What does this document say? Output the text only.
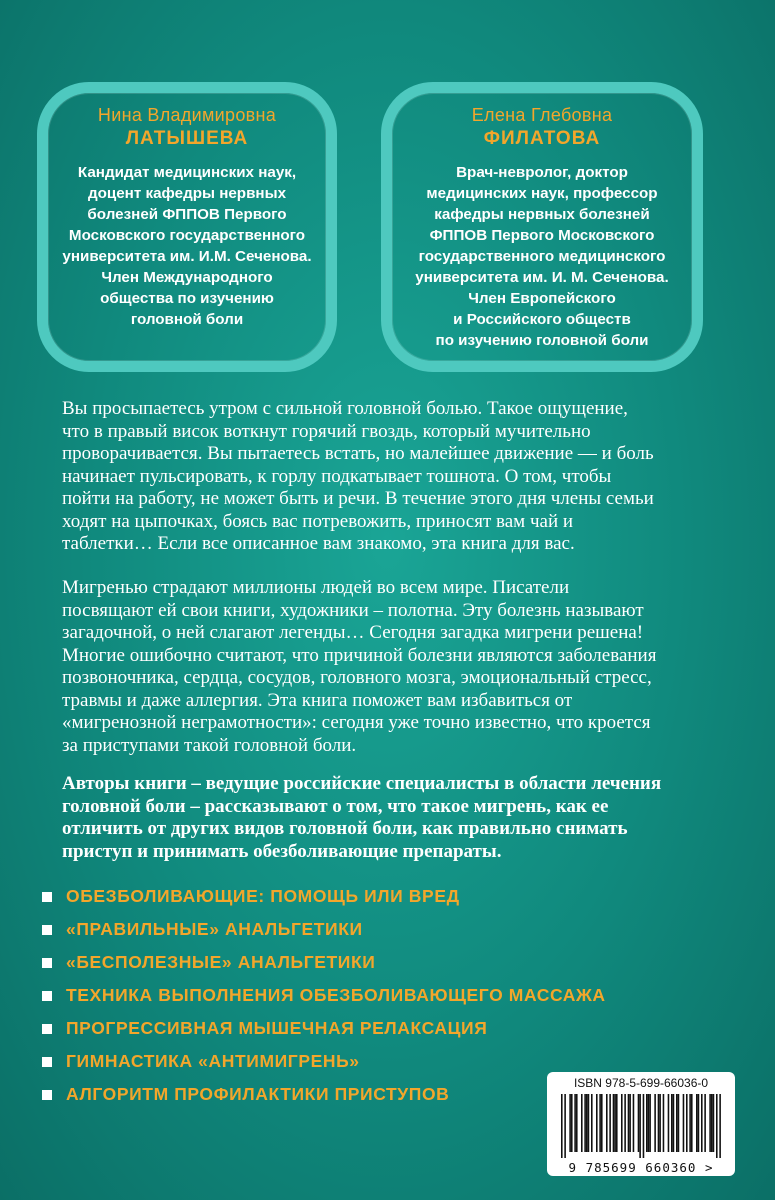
Нина Владимировна
ЛАТЫШЕВА
Кандидат медицинских наук,
доцент кафедры нервных
болезней ФППОВ Первого
Московского государственного
университета им. И.М. Сеченова.
Член Международного
общества по изучению
головной боли
Елена Глебовна
ФИЛАТОВА
Врач-невролог, доктор
медицинских наук, профессор
кафедры нервных болезней
ФППОВ Первого Московского
государственного медицинского
университета им. И. М. Сеченова.
Член Европейского
и Российского обществ
по изучению головной боли
Вы просыпаетесь утром с сильной головной болью. Такое ощущение,
что в правый висок воткнут горячий гвоздь, который мучительно
проворачивается. Вы пытаетесь встать, но малейшее движение — и боль
начинает пульсировать, к горлу подкатывает тошнота. О том, чтобы
пойти на работу, не может быть и речи. В течение этого дня члены семьи
ходят на цыпочках, боясь вас потревожить, приносят вам чай и
таблетки… Если все описанное вам знакомо, эта книга для вас.
Мигренью страдают миллионы людей во всем мире. Писатели
посвящают ей свои книги, художники – полотна. Эту болезнь называют
загадочной, о ней слагают легенды… Сегодня загадка мигрени решена!
Многие ошибочно считают, что причиной болезни являются заболевания
позвоночника, сердца, сосудов, головного мозга, эмоциональный стресс,
травмы и даже аллергия. Эта книга поможет вам избавиться от
«мигренозной неграмотности»: сегодня уже точно известно, что кроется
за приступами такой головной боли.
Авторы книги – ведущие российские специалисты в области лечения
головной боли – рассказывают о том, что такое мигрень, как ее
отличить от других видов головной боли, как правильно снимать
приступ и принимать обезболивающие препараты.
ОБЕЗБОЛИВАЮЩИЕ: ПОМОЩЬ ИЛИ ВРЕД
«ПРАВИЛЬНЫЕ» АНАЛЬГЕТИКИ
«БЕСПОЛЕЗНЫЕ» АНАЛЬГЕТИКИ
ТЕХНИКА ВЫПОЛНЕНИЯ ОБЕЗБОЛИВАЮЩЕГО МАССАЖА
ПРОГРЕССИВНАЯ МЫШЕЧНАЯ РЕЛАКСАЦИЯ
ГИМНАСТИКА «АНТИМИГРЕНЬ»
АЛГОРИТМ ПРОФИЛАКТИКИ ПРИСТУПОВ
ISBN 978-5-699-66036-0
9 785699 660360 >
